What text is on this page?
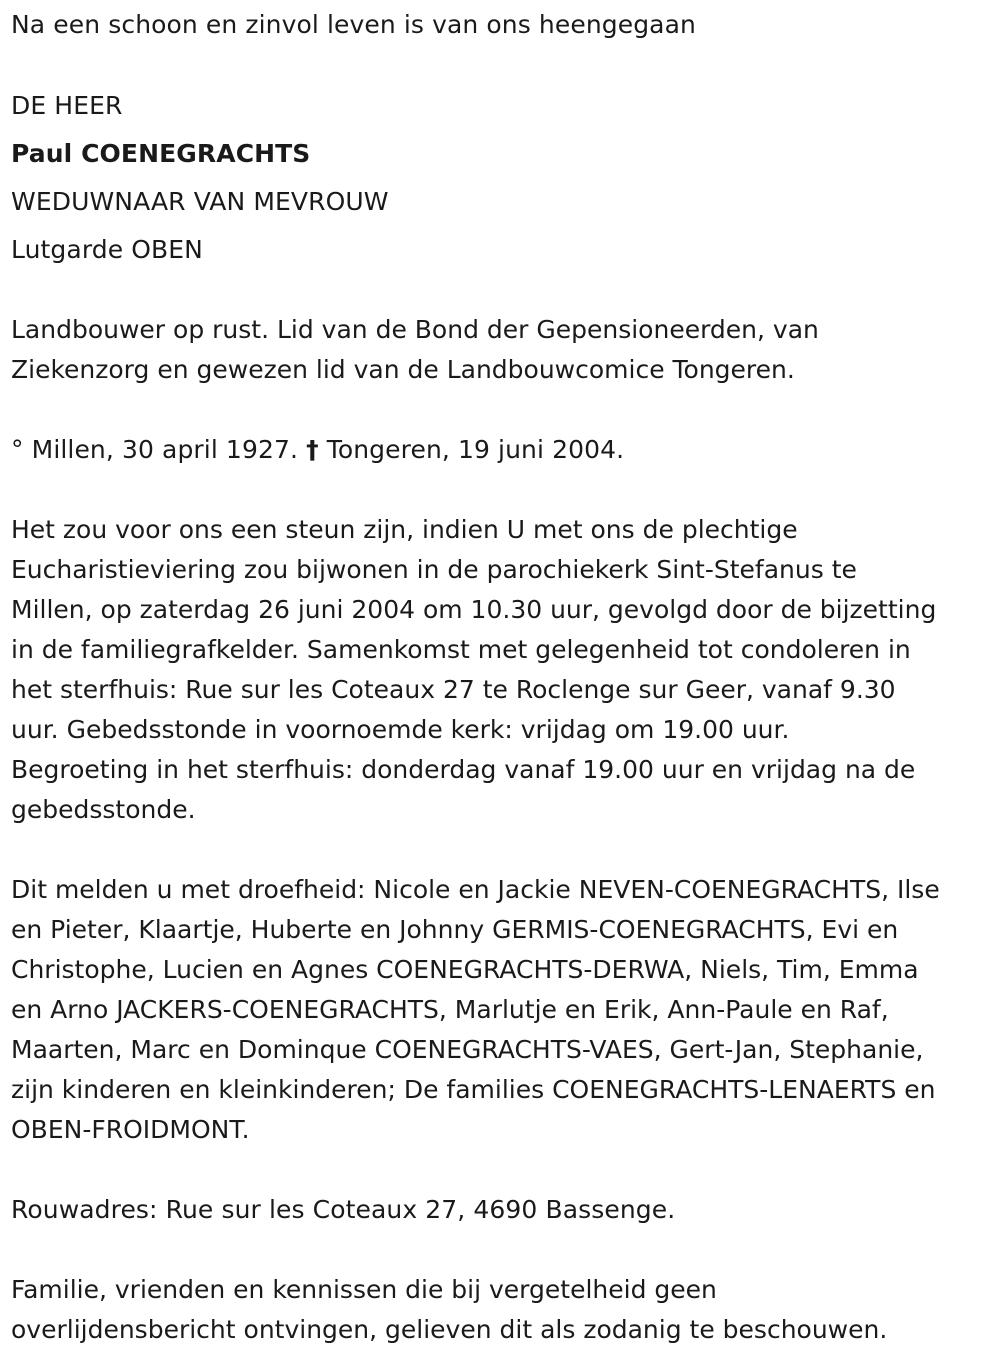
Na een schoon en zinvol leven is van ons heengegaan

DE HEER

Paul COENEGRACHTS

WEDUWNAAR VAN MEVROUW

Lutgarde OBEN

Landbouwer op rust. Lid van de Bond der Gepensioneerden, van
Ziekenzorg en gewezen lid van de Landbouwcomice Tongeren.

° Millen, 30 april 1927. † Tongeren, 19 juni 2004.

Het zou voor ons een steun zijn, indien U met ons de plechtige
Eucharistieviering zou bijwonen in de parochiekerk Sint-Stefanus te
Millen, op zaterdag 26 juni 2004 om 10.30 uur, gevolgd door de bijzetting
in de familiegrafkelder. Samenkomst met gelegenheid tot condoleren in
het sterfhuis: Rue sur les Coteaux 27 te Roclenge sur Geer, vanaf 9.30
uur. Gebedsstonde in voornoemde kerk: vrijdag om 19.00 uur.
Begroeting in het sterfhuis: donderdag vanaf 19.00 uur en vrijdag na de
gebedsstonde.
Dit melden u met droefheid: Nicole en Jackie NEVEN-COENEGRACHTS, Ilse
en Pieter, Klaartje, Huberte en Johnny GERMIS-COENEGRACHTS, Evi en
Christophe, Lucien en Agnes COENEGRACHTS-DERWA, Niels, Tim, Emma
en Arno JACKERS-COENEGRACHTS, Marlutje en Erik, Ann-Paule en Raf,
Maarten, Marc en Dominque COENEGRACHTS-VAES, Gert-Jan, Stephanie,
zijn kinderen en kleinkinderen; De families COENEGRACHTS-LENAERTS en
OBEN-FROIDMONT.

Rouwadres: Rue sur les Coteaux 27, 4690 Bassenge.

Familie, vrienden en kennissen die bij vergetelheid geen
overlijdensbericht ontvingen, gelieven dit als zodanig te beschouwen.
